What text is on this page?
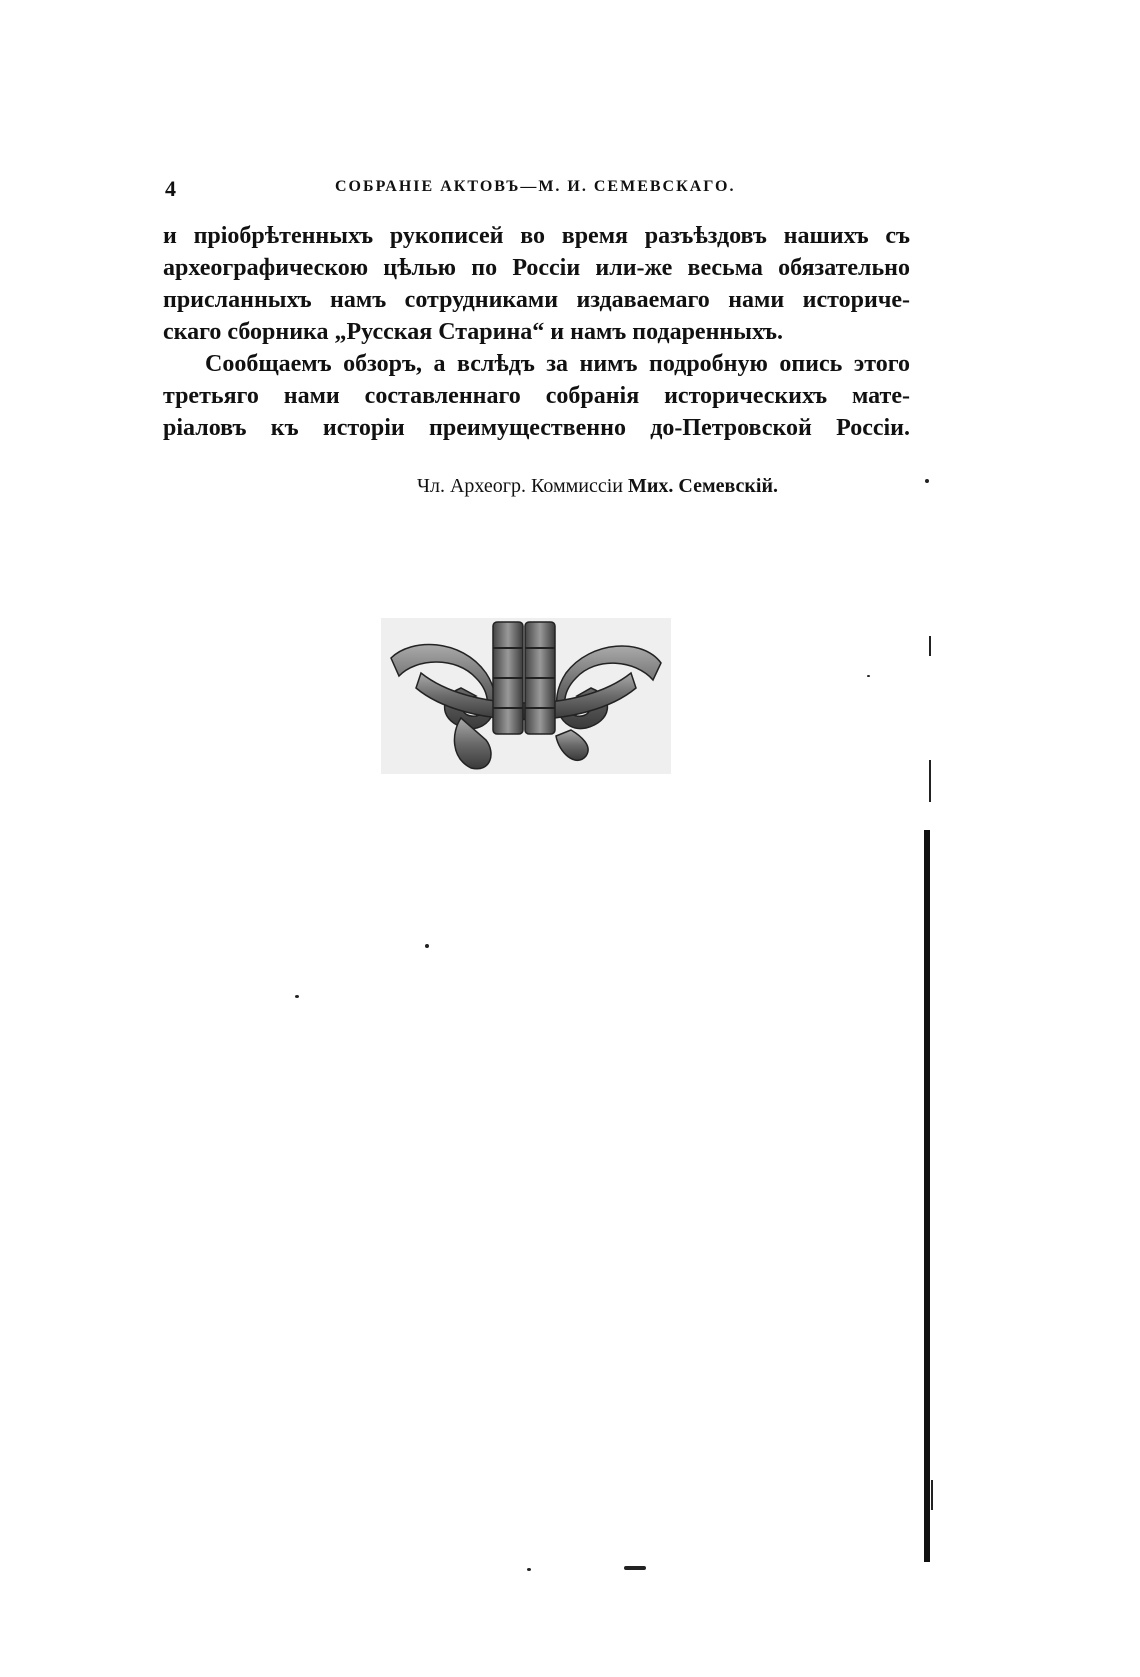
4	СОБРАНІЕ АКТОВЪ—М. И. СЕМЕВСКАГО.

и пріобрѣтенныхъ рукописей во время разъѣздовъ нашихъ съ

археографическою цѣлью по Россіи или-же весьма обязательно

присланныхъ намъ сотрудниками издаваемаго нами историче-

скаго сборника „Русская Старина“ и намъ подаренныхъ.

Сообщаемъ обзоръ, а вслѣдъ за нимъ подробную опись этого

третьяго нами составленнаго собранія историческихъ мате-

ріаловъ къ исторіи преимущественно до-Петровской Россіи.

Чл. Археогр. Коммиссіи Мих. Семевскій.
